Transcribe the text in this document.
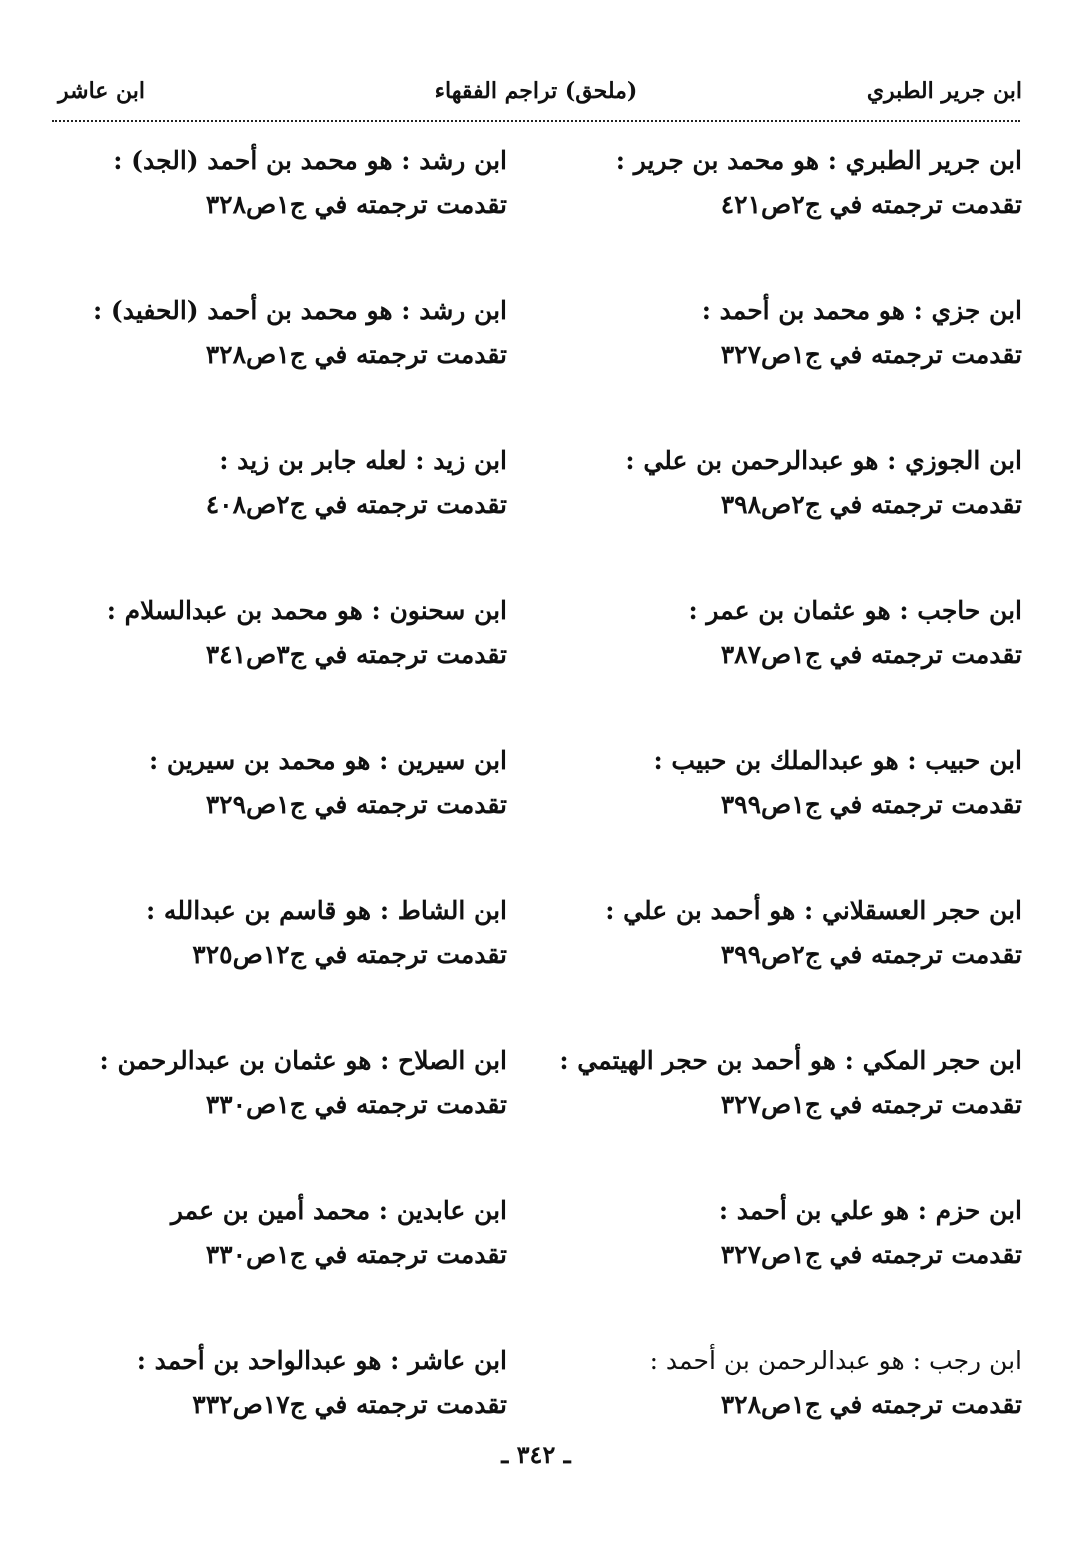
ابن جرير الطبري
(ملحق) تراجم الفقهاء
ابن عاشر
ابن جرير الطبري : هو محمد بن جرير :
تقدمت ترجمته في ج٢ص٤٢١
ابن جزي : هو محمد بن أحمد :
تقدمت ترجمته في ج١ص٣٢٧
ابن الجوزي : هو عبدالرحمن بن علي :
تقدمت ترجمته في ج٢ص٣٩٨
ابن حاجب : هو عثمان بن عمر :
تقدمت ترجمته في ج١ص٣٨٧
ابن حبيب : هو عبدالملك بن حبيب :
تقدمت ترجمته في ج١ص٣٩٩
ابن حجر العسقلاني : هو أحمد بن علي :
تقدمت ترجمته في ج٢ص٣٩٩
ابن حجر المكي : هو أحمد بن حجر الهيتمي :
تقدمت ترجمته في ج١ص٣٢٧
ابن حزم : هو علي بن أحمد :
تقدمت ترجمته في ج١ص٣٢٧
ابن رجب : هو عبدالرحمن بن أحمد :
تقدمت ترجمته في ج١ص٣٢٨
ابن رشد : هو محمد بن أحمد (الجد) :
تقدمت ترجمته في ج١ص٣٢٨
ابن رشد : هو محمد بن أحمد (الحفيد) :
تقدمت ترجمته في ج١ص٣٢٨
ابن زيد : لعله جابر بن زيد :
تقدمت ترجمته في ج٢ص٤٠٨
ابن سحنون : هو محمد بن عبدالسلام :
تقدمت ترجمته في ج٣ص٣٤١
ابن سيرين : هو محمد بن سيرين :
تقدمت ترجمته في ج١ص٣٢٩
ابن الشاط : هو قاسم بن عبدالله :
تقدمت ترجمته في ج١٢ص٣٢٥
ابن الصلاح : هو عثمان بن عبدالرحمن :
تقدمت ترجمته في ج١ص٣٣٠
ابن عابدين : محمد أمين بن عمر
تقدمت ترجمته في ج١ص٣٣٠
ابن عاشر : هو عبدالواحد بن أحمد :
تقدمت ترجمته في ج١٧ص٣٣٢
ـ ٣٤٢ ـ
